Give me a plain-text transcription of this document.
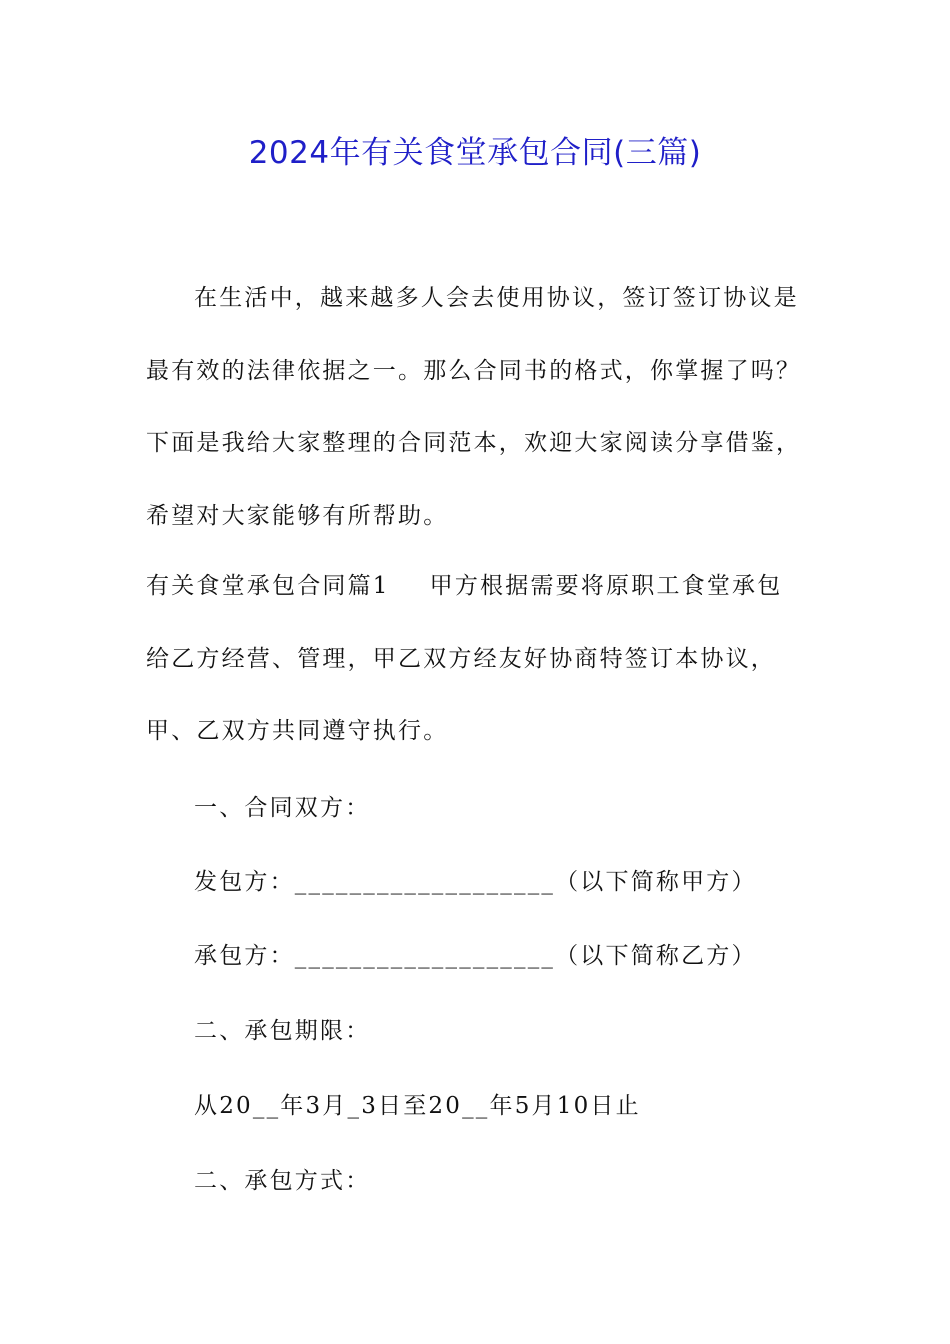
2024年有关食堂承包合同(三篇)
在生活中，越来越多人会去使用协议，签订签订协议是最有效的法律依据之一。那么合同书的格式，你掌握了吗？下面是我给大家整理的合同范本，欢迎大家阅读分享借鉴，希望对大家能够有所帮助。
有关食堂承包合同篇1 甲方根据需要将原职工食堂承包给乙方经营、管理，甲乙双方经友好协商特签订本协议，甲、乙双方共同遵守执行。
一、合同双方：
发包方：___________________（以下简称甲方）
承包方：___________________（以下简称乙方）
二、承包期限：
从20__年3月_3日至20__年5月10日止
二、承包方式：
